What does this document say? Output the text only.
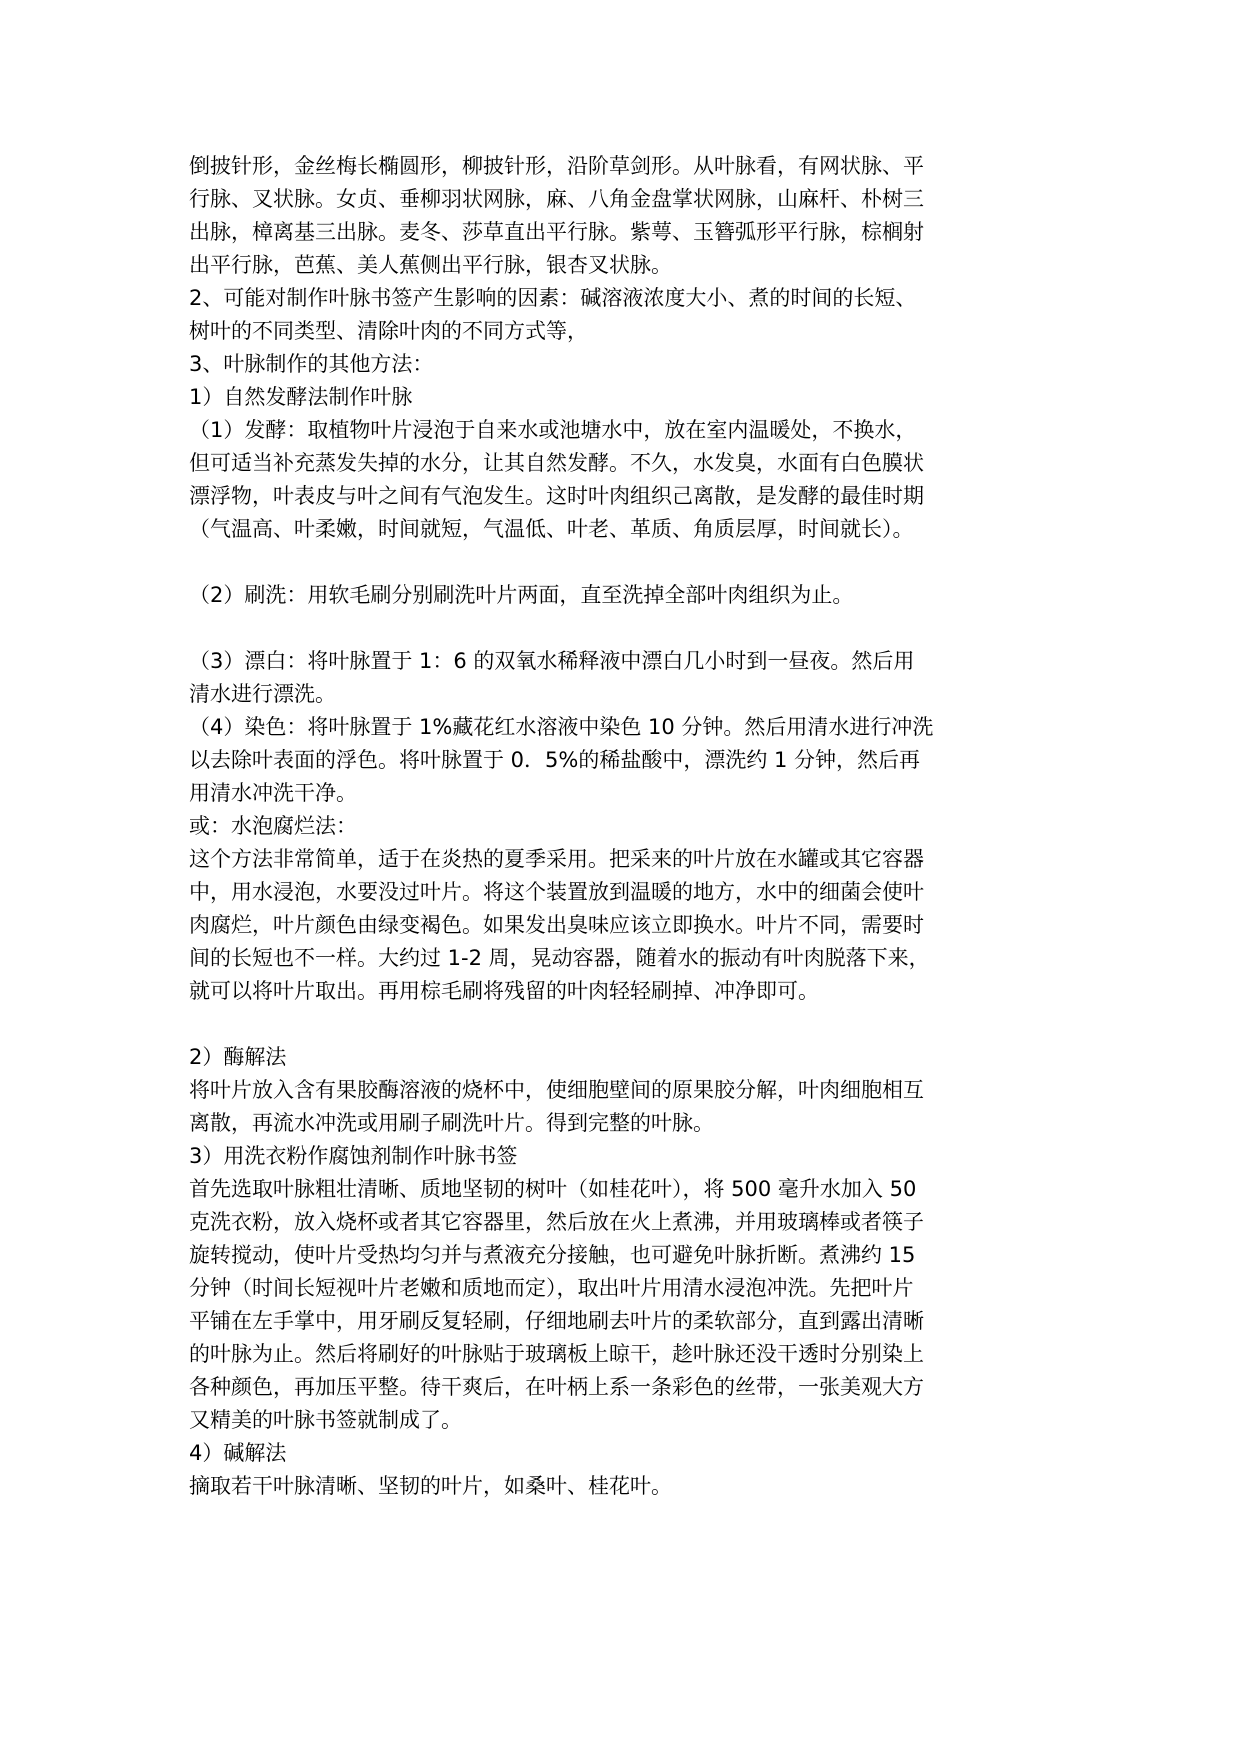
倒披针形，金丝梅长椭圆形，柳披针形，沿阶草剑形。从叶脉看，有网状脉、平
行脉、叉状脉。女贞、垂柳羽状网脉，麻、八角金盘掌状网脉，山麻杆、朴树三
出脉，樟离基三出脉。麦冬、莎草直出平行脉。紫萼、玉簪弧形平行脉，棕榈射
出平行脉，芭蕉、美人蕉侧出平行脉，银杏叉状脉。
2、可能对制作叶脉书签产生影响的因素：碱溶液浓度大小、煮的时间的长短、
树叶的不同类型、清除叶肉的不同方式等，
3、叶脉制作的其他方法：
1）自然发酵法制作叶脉
（1）发酵：取植物叶片浸泡于自来水或池塘水中，放在室内温暖处，不换水，
但可适当补充蒸发失掉的水分，让其自然发酵。不久，水发臭，水面有白色膜状
漂浮物，叶表皮与叶之间有气泡发生。这时叶肉组织己离散，是发酵的最佳时期
（气温高、叶柔嫩，时间就短，气温低、叶老、革质、角质层厚，时间就长）。
（2）刷洗：用软毛刷分别刷洗叶片两面，直至洗掉全部叶肉组织为止。
（3）漂白：将叶脉置于 1：6 的双氧水稀释液中漂白几小时到一昼夜。然后用
清水进行漂洗。
（4）染色：将叶脉置于 1%藏花红水溶液中染色 10 分钟。然后用清水进行冲洗
以去除叶表面的浮色。将叶脉置于 0．5%的稀盐酸中，漂洗约 1 分钟，然后再
用清水冲洗干净。
或：水泡腐烂法：
这个方法非常简单，适于在炎热的夏季采用。把采来的叶片放在水罐或其它容器
中，用水浸泡，水要没过叶片。将这个装置放到温暖的地方，水中的细菌会使叶
肉腐烂，叶片颜色由绿变褐色。如果发出臭味应该立即换水。叶片不同，需要时
间的长短也不一样。大约过 1-2 周，晃动容器，随着水的振动有叶肉脱落下来，
就可以将叶片取出。再用棕毛刷将残留的叶肉轻轻刷掉、冲净即可。
2）酶解法
将叶片放入含有果胶酶溶液的烧杯中，使细胞壁间的原果胶分解，叶肉细胞相互
离散，再流水冲洗或用刷子刷洗叶片。得到完整的叶脉。
3）用洗衣粉作腐蚀剂制作叶脉书签
首先选取叶脉粗壮清晰、质地坚韧的树叶（如桂花叶），将 500 毫升水加入 50
克洗衣粉，放入烧杯或者其它容器里，然后放在火上煮沸，并用玻璃棒或者筷子
旋转搅动，使叶片受热均匀并与煮液充分接触，也可避免叶脉折断。煮沸约 15
分钟（时间长短视叶片老嫩和质地而定），取出叶片用清水浸泡冲洗。先把叶片
平铺在左手掌中，用牙刷反复轻刷，仔细地刷去叶片的柔软部分，直到露出清晰
的叶脉为止。然后将刷好的叶脉贴于玻璃板上晾干，趁叶脉还没干透时分别染上
各种颜色，再加压平整。待干爽后，在叶柄上系一条彩色的丝带，一张美观大方
又精美的叶脉书签就制成了。
4）碱解法
摘取若干叶脉清晰、坚韧的叶片，如桑叶、桂花叶。
